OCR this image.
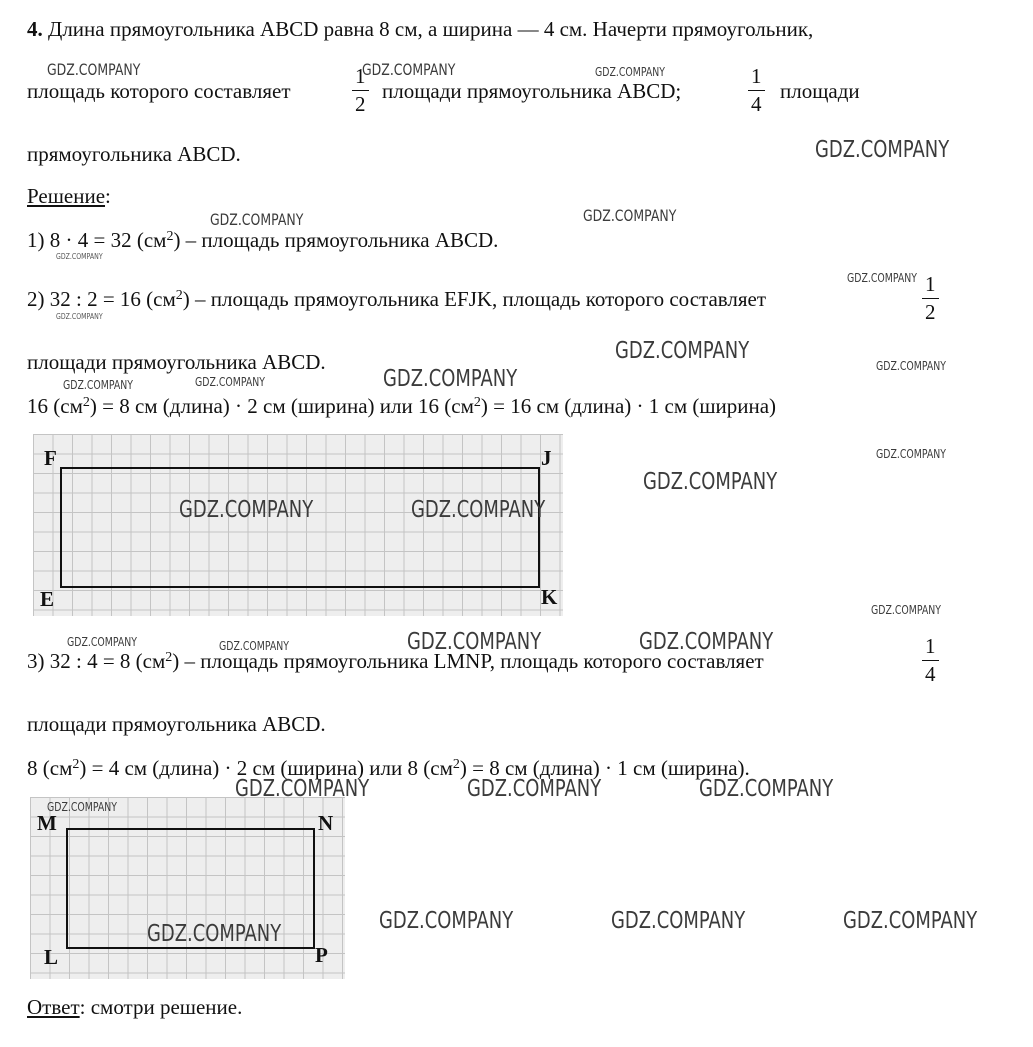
4. Длина прямоугольника ABCD равна 8 см, а ширина — 4 см. Начерти прямоугольник,
площадь которого составляет	$\frac{1}{2}$ площади прямоугольника ABCD;	$\frac{1}{4}$ площади
прямоугольника ABCD.
Решение:
1) 8 · 4 = 32 $(см^2)$ – площадь прямоугольника ABCD.
2) 32 : 2 = 16 $(см^2)$ – площадь прямоугольника EFJK, площадь которого составляет	$\frac{1}{2}$
площади прямоугольника ABCD.
16 $(см^2) = 8$ см (длина) · 2 см (ширина) или 16 $(см^2) = 16$ см (длина) · 1 см (ширина)
F	J
E	K
3) 32 : 4 = 8 $(см^2)$ – площадь прямоугольника LMNP, площадь которого составляет	$\frac{1}{4}$
площади прямоугольника ABCD.
8 $(см^2) = 4$ см (длина) · 2 см (ширина) или 8 $(см^2) = 8$ см (длина) · 1 см (ширина).
M	N
L	P
Ответ: смотри решение.
GDZ.COMPANY	GDZ.COMPANY	GDZ.COMPANY
GDZ.COMPANY
GDZ.COMPANY	GDZ.COMPANY
GDZ.COMPANY
GDZ.COMPANY
GDZ.COMPANY
GDZ.COMPANY
GDZ.COMPANY
GDZ.COMPANY
GDZ.COMPANY	GDZ.COMPANY
GDZ.COMPANY
GDZ.COMPANY
GDZ.COMPANY	GDZ.COMPANY
GDZ.COMPANY
GDZ.COMPANY	GDZ.COMPANY	GDZ.COMPANY	GDZ.COMPANY
GDZ.COMPANY	GDZ.COMPANY	GDZ.COMPANY
GDZ.COMPANY
GDZ.COMPANY	GDZ.COMPANY	GDZ.COMPANY
GDZ.COMPANY
